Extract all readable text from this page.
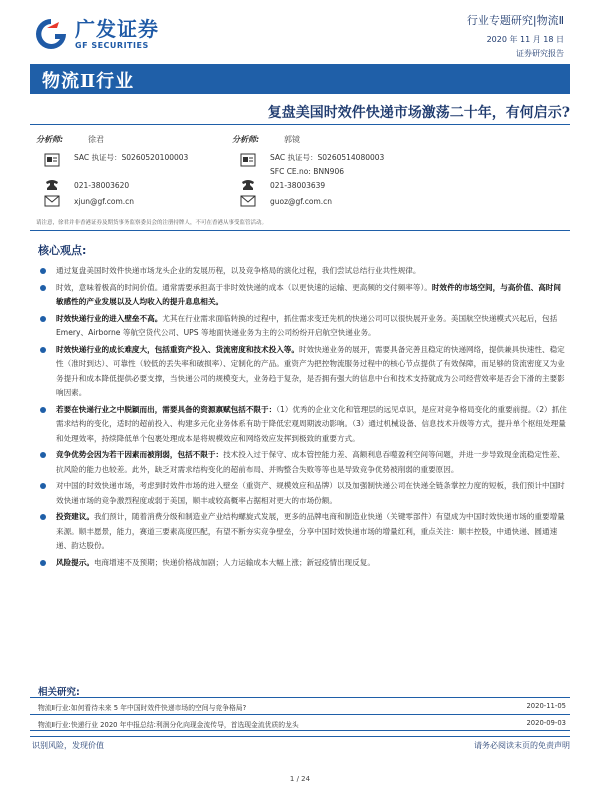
广发证券
GF SECURITIES
行业专题研究|物流Ⅱ
2020 年 11 月 18 日
证券研究报告
物流Ⅱ行业
复盘美国时效件快递市场激荡二十年，有何启示?
分析师:	徐君
SAC 执证号：S0260520100003
021-38003620
xjun@gf.com.cn
分析师:	郭镜
SAC 执证号：S0260514080003
SFC CE.no: BNN906
021-38003639
guoz@gf.com.cn
请注意，徐君并非香港证券及期货事务监察委员会的注册持牌人，不可在香港从事受监管活动。
核心观点:
通过复盘美国时效件快递市场龙头企业的发展历程，以及竞争格局的演化过程，我们尝试总结行业共性规律。
时效，意味着极高的时间价值。通常需要承担高于非时效快递的成本（以更快速的运输、更高频的交付频率等）。时效件的市场空间，与高价值、高时间敏感性的产业发展以及人均收入的提升息息相关。
时效快递行业的进入壁垒不高。尤其在行业需求面临转换的过程中，抓住需求变迁先机的快递公司可以很快展开业务。美国航空快递模式兴起后，包括 Emery、Airborne 等航空货代公司、UPS 等地面快递业务为主的公司纷纷开启航空快递业务。
时效快递行业的成长难度大，包括重资产投入、货流密度和技术投入等。时效快递业务的展开，需要具备完善且稳定的快递网络，提供兼具快速性、稳定性（准时到达）、可靠性（较低的丢失率和破损率）、定制化的产品。重资产为把控物流服务过程中的核心节点提供了有效保障，而足够的货流密度又为业务提升和成本降低提供必要支撑，当快递公司的规模变大，业务趋于复杂，是否拥有强大的信息中台和技术支持就成为公司经营效率是否会下滑的主要影响因素。
若要在快递行业之中脱颖而出，需要具备的资源禀赋包括不限于：（1）优秀的企业文化和管理层的远见卓识，是应对竞争格局变化的重要前提。（2）抓住需求结构的变化，适时的超前投入、构建多元化业务体系有助于降低宏观周期波动影响。（3）通过机械设备、信息技术升级等方式，提升单个枢纽处理量和处理效率，持续降低单个包裹处理成本是将规模效应和网络效应发挥到极致的重要方式。
竞争优势会因为若干因素而被削弱，包括不限于：技术投入过于保守、成本管控能力差、高额利息吞噬盈利空间等问题，并进一步导致现金流稳定性差、抗风险的能力也较差。此外，缺乏对需求结构变化的超前布局、并购整合失败等等也是导致竞争优势被削弱的重要原因。
对中国的时效快递市场，考虑到时效件市场的进入壁垒（重资产、规模效应和品牌）以及加强制快递公司在快递全链条掌控力度的短板，我们预计中国时效快递市场的竞争激烈程度或弱于美国，顺丰或较高概率占据相对更大的市场份额。
投资建议。我们预计，随着消费分级和制造业产业结构螺旋式发展，更多的品牌电商和制造业快递（关键零部件）有望成为中国时效快递市场的重要增量来源。顺丰愿景，能力，赛道三要素高度匹配，有望不断夯实竞争壁垒，分享中国时效快递市场的增量红利，重点关注：顺丰控股，中通快递、圆通速递、韵达股份。
风险提示。电商增速不及预期；快递价格战加剧；人力运输成本大幅上涨；新冠疫情出现反复。
相关研究:
物流Ⅱ行业:如何看待未来 5 年中国时效件快递市场的空间与竞争格局?	2020-11-05
物流Ⅱ行业:快递行业 2020 年中报总结:利润分化向现金流传导，首选现金流优质的龙头	2020-09-03
识别风险，发现价值	请务必阅读末页的免责声明
1 / 24
